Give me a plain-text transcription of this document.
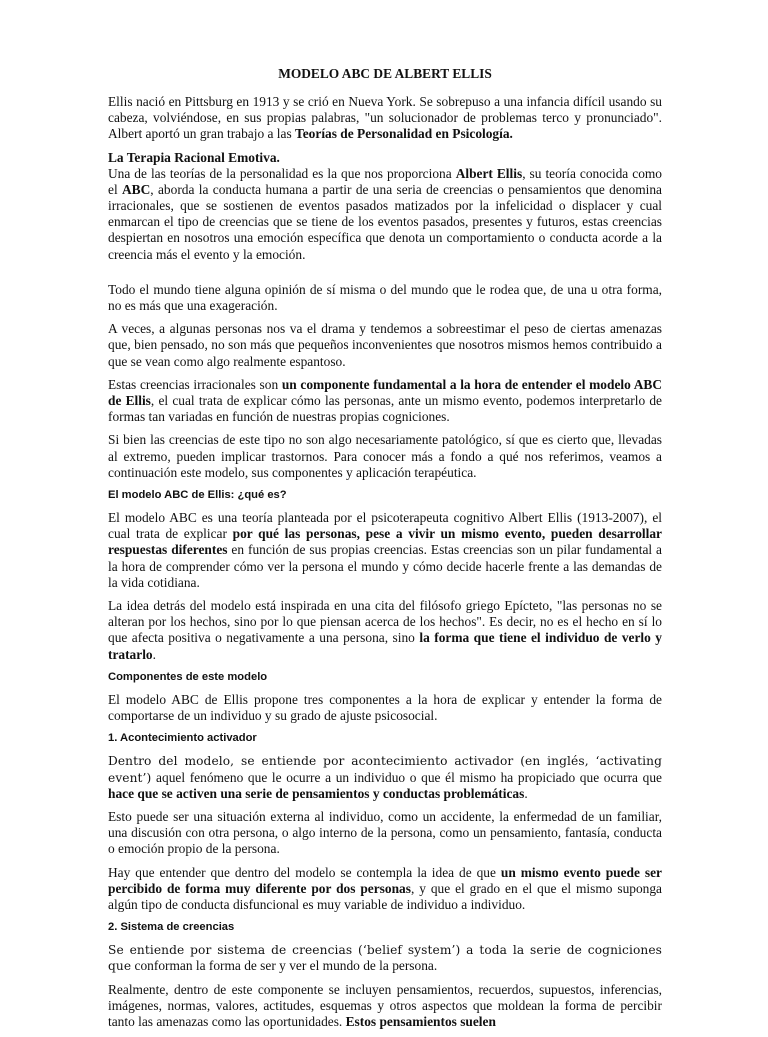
MODELO ABC DE ALBERT ELLIS

Ellis nació en Pittsburg en 1913 y se crió en Nueva York. Se sobrepuso a una infancia difícil usando su cabeza, volviéndose, en sus propias palabras, "un solucionador de problemas terco y pronunciado". Albert aportó un gran trabajo a las Teorías de Personalidad en Psicología.

La Terapia Racional Emotiva.

Una de las teorías de la personalidad es la que nos proporciona Albert Ellis, su teoría conocida como el ABC, aborda la conducta humana a partir de una seria de creencias o pensamientos que denomina irracionales, que se sostienen de eventos pasados matizados por la infelicidad o displacer y cual enmarcan el tipo de creencias que se tiene de los eventos pasados, presentes y futuros, estas creencias despiertan en nosotros una emoción específica que denota un comportamiento o conducta acorde a la creencia más el evento y la emoción.

Todo el mundo tiene alguna opinión de sí misma o del mundo que le rodea que, de una u otra forma, no es más que una exageración.

A veces, a algunas personas nos va el drama y tendemos a sobreestimar el peso de ciertas amenazas que, bien pensado, no son más que pequeños inconvenientes que nosotros mismos hemos contribuido a que se vean como algo realmente espantoso.

Estas creencias irracionales son un componente fundamental a la hora de entender el modelo ABC de Ellis, el cual trata de explicar cómo las personas, ante un mismo evento, podemos interpretarlo de formas tan variadas en función de nuestras propias cogniciones.

Si bien las creencias de este tipo no son algo necesariamente patológico, sí que es cierto que, llevadas al extremo, pueden implicar trastornos. Para conocer más a fondo a qué nos referimos, veamos a continuación este modelo, sus componentes y aplicación terapéutica.

El modelo ABC de Ellis: ¿qué es?

El modelo ABC es una teoría planteada por el psicoterapeuta cognitivo Albert Ellis (1913-2007), el cual trata de explicar por qué las personas, pese a vivir un mismo evento, pueden desarrollar respuestas diferentes en función de sus propias creencias. Estas creencias son un pilar fundamental a la hora de comprender cómo ver la persona el mundo y cómo decide hacerle frente a las demandas de la vida cotidiana.

La idea detrás del modelo está inspirada en una cita del filósofo griego Epícteto, "las personas no se alteran por los hechos, sino por lo que piensan acerca de los hechos". Es decir, no es el hecho en sí lo que afecta positiva o negativamente a una persona, sino la forma que tiene el individuo de verlo y tratarlo.

Componentes de este modelo

El modelo ABC de Ellis propone tres componentes a la hora de explicar y entender la forma de comportarse de un individuo y su grado de ajuste psicosocial.

1. Acontecimiento activador

Dentro del modelo, se entiende por acontecimiento activador (en inglés, ‘activating event’) aquel fenómeno que le ocurre a un individuo o que él mismo ha propiciado que ocurra que hace que se activen una serie de pensamientos y conductas problemáticas.

Esto puede ser una situación externa al individuo, como un accidente, la enfermedad de un familiar, una discusión con otra persona, o algo interno de la persona, como un pensamiento, fantasía, conducta o emoción propio de la persona.

Hay que entender que dentro del modelo se contempla la idea de que un mismo evento puede ser percibido de forma muy diferente por dos personas, y que el grado en el que el mismo suponga algún tipo de conducta disfuncional es muy variable de individuo a individuo.

2. Sistema de creencias

Se entiende por sistema de creencias (‘belief system’) a toda la serie de cogniciones que conforman la forma de ser y ver el mundo de la persona.

Realmente, dentro de este componente se incluyen pensamientos, recuerdos, supuestos, inferencias, imágenes, normas, valores, actitudes, esquemas y otros aspectos que moldean la forma de percibir tanto las amenazas como las oportunidades. Estos pensamientos suelen
